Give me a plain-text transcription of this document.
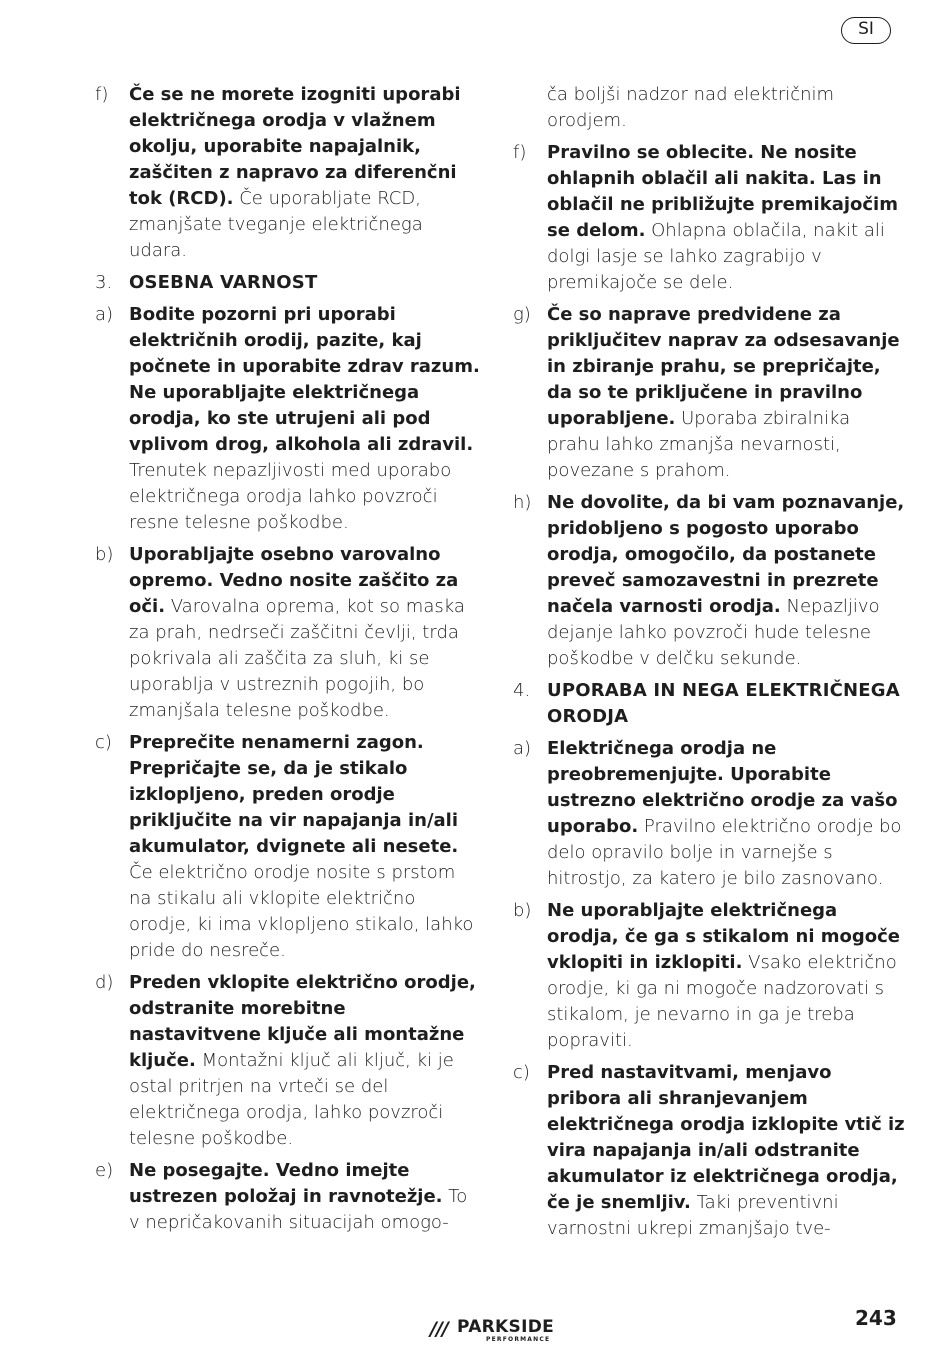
SI
f)	Če se ne morete izogniti uporabi električnega orodja v vlažnem okolju, uporabite napajalnik, zaščiten z napravo za diferenčni tok (RCD). Če uporabljate RCD, zmanjšate tveganje električnega udara.
3. OSEBNA VARNOST
a) Bodite pozorni pri uporabi električnih orodij, pazite, kaj počnete in uporabite zdrav razum. Ne uporabljajte električnega orodja, ko ste utrujeni ali pod vplivom drog, alkohola ali zdravil. Trenutek nepazljivosti med uporabo električnega orodja lahko povzroči resne telesne poškodbe.
b) Uporabljajte osebno varovalno opremo. Vedno nosite zaščito za oči. Varovalna oprema, kot so maska za prah, nedrseči zaščitni čevlji, trda pokrivala ali zaščita za sluh, ki se uporablja v ustreznih pogojih, bo zmanjšala telesne poškodbe.
c) Preprečite nenamerni zagon. Prepričajte se, da je stikalo izklopljeno, preden orodje priključite na vir napajanja in/ali akumulator, dvignete ali nesete. Če električno orodje nosite s prstom na stikalu ali vklopite električno orodje, ki ima vklopljeno stikalo, lahko pride do nesreče.
d) Preden vklopite električno orodje, odstranite morebitne nastavitvene ključe ali montažne ključe. Montažni ključ ali ključ, ki je ostal pritrjen na vrteči se del električnega orodja, lahko povzroči telesne poškodbe.
e) Ne posegajte. Vedno imejte ustrezen položaj in ravnotežje. To v nepričakovanih situacijah omogo-
ča boljši nadzor nad električnim orodjem.
f)	Pravilno se oblecite. Ne nosite ohlapnih oblačil ali nakita. Las in oblačil ne približujte premikajočim se delom. Ohlapna oblačila, nakit ali dolgi lasje se lahko zagrabijo v premikajoče se dele.
g) Če so naprave predvidene za priključitev naprav za odsesavanje in zbiranje prahu, se prepričajte, da so te priključene in pravilno uporabljene. Uporaba zbiralnika prahu lahko zmanjša nevarnosti, povezane s prahom.
h) Ne dovolite, da bi vam poznavanje, pridobljeno s pogosto uporabo orodja, omogočilo, da postanete preveč samozavestni in prezrete načela varnosti orodja. Nepazljivo dejanje lahko povzroči hude telesne poškodbe v delčku sekunde.
4. UPORABA IN NEGA ELEKTRIČNEGA ORODJA
a) Električnega orodja ne preobremenjujte. Uporabite ustrezno električno orodje za vašo uporabo. Pravilno električno orodje bo delo opravilo bolje in varnejše s hitrostjo, za katero je bilo zasnovano.
b) Ne uporabljajte električnega orodja, če ga s stikalom ni mogoče vklopiti in izklopiti. Vsako električno orodje, ki ga ni mogoče nadzorovati s stikalom, je nevarno in ga je treba popraviti.
c) Pred nastavitvami, menjavo pribora ali shranjevanjem električnega orodja izklopite vtič iz vira napajanja in/ali odstranite akumulator iz električnega orodja, če je snemljiv. Taki preventivni varnostni ukrepi zmanjšajo tve-
/// PARKSIDE
PERFORMANCE
243
